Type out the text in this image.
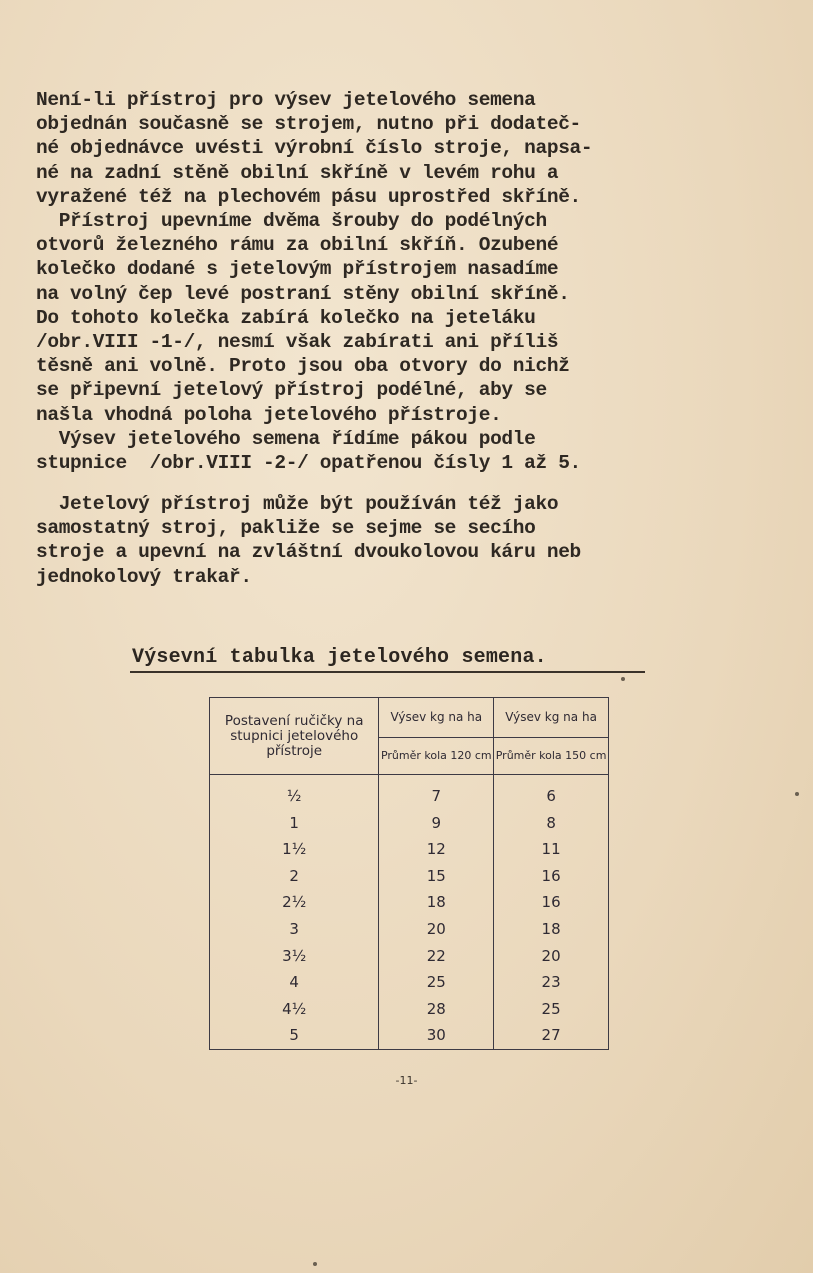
Není-li přístroj pro výsev jetelového semena
objednán současně se strojem, nutno při dodateč-
né objednávce uvésti výrobní číslo stroje, napsa-
né na zadní stěně obilní skříně v levém rohu a
vyražené též na plechovém pásu uprostřed skříně.
Přístroj upevníme dvěma šrouby do podélných
otvorů železného rámu za obilní skříň. Ozubené
kolečko dodané s jetelovým přístrojem nasadíme
na volný čep levé postraní stěny obilní skříně.
Do tohoto kolečka zabírá kolečko na jeteláku
/obr.VIII -1-/, nesmí však zabírati ani příliš
těsně ani volně. Proto jsou oba otvory do nichž
se připevní jetelový přístroj podélné, aby se
našla vhodná poloha jetelového přístroje.
Výsev jetelového semena řídíme pákou podle
stupnice  /obr.VIII -2-/ opatřenou čísly 1 až 5.
Jetelový přístroj může být používán též jako
samostatný stroj, pakliže se sejme se secího
stroje a upevní na zvláštní dvoukolovou káru neb
jednokolový trakař.
Výsevní tabulka jetelového semena.
Postavení ručičky na stupnici jetelového přístroje	Výsev kg na ha	Výsev kg na ha
	Průměr kola 120 cm	Průměr kola 150 cm
½	7	6
1	9	8
1½	12	11
2	15	16
2½	18	16
3	20	18
3½	22	20
4	25	23
4½	28	25
5	30	27
-11-
